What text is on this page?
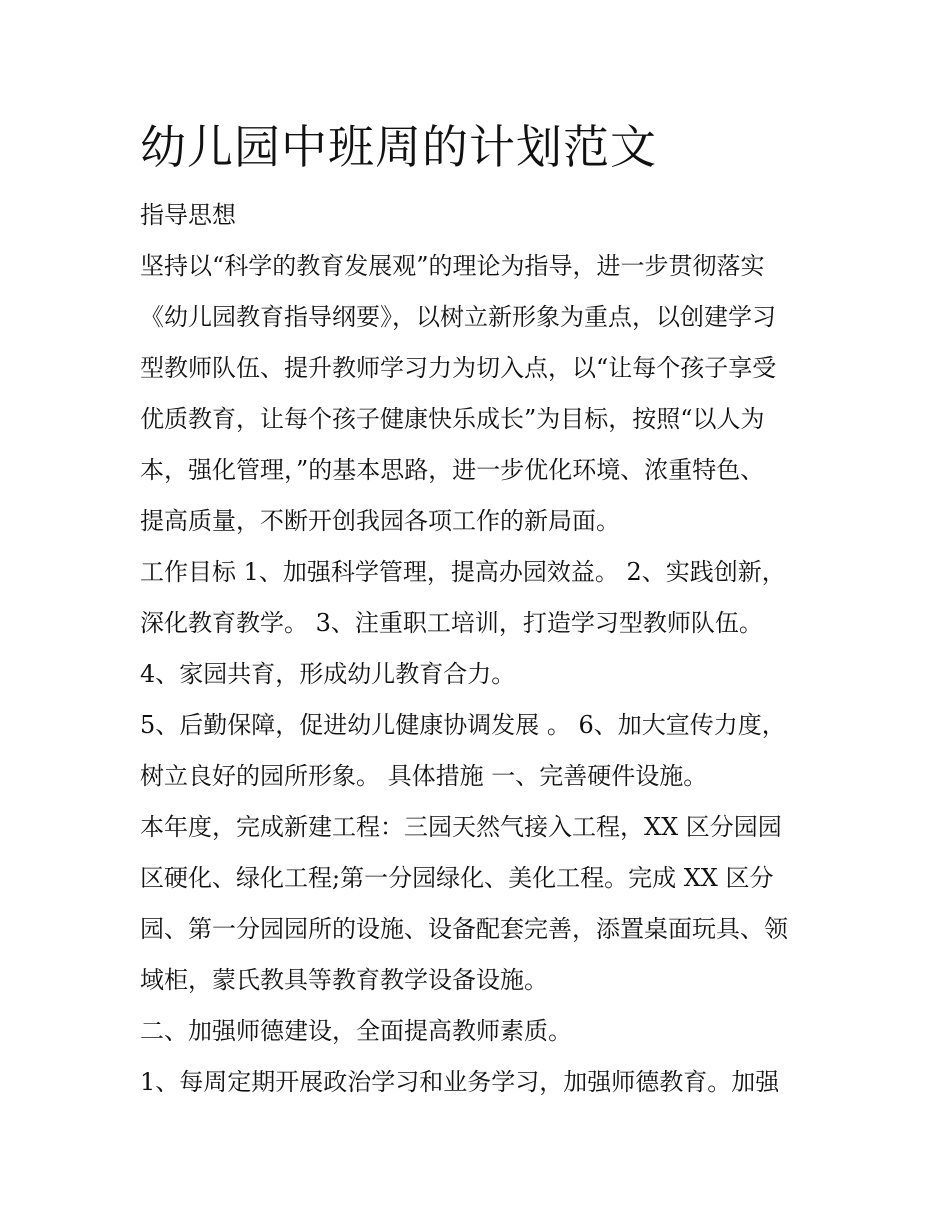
幼儿园中班周的计划范文

指导思想

坚持以“科学的教育发展观”的理论为指导，进一步贯彻落实

《幼儿园教育指导纲要》，以树立新形象为重点，以创建学习

型教师队伍、提升教师学习力为切入点，以“让每个孩子享受

优质教育，让每个孩子健康快乐成长”为目标，按照“以人为

本，强化管理，”的基本思路，进一步优化环境、浓重特色、

提高质量，不断开创我园各项工作的新局面。

工作目标 1、加强科学管理，提高办园效益。 2、实践创新，

深化教育教学。 3、注重职工培训，打造学习型教师队伍。

4、家园共育，形成幼儿教育合力。

5、后勤保障，促进幼儿健康协调发展 。 6、加大宣传力度，

树立良好的园所形象。 具体措施 一、完善硬件设施。

本年度，完成新建工程：三园天然气接入工程，XX 区分园园

区硬化、绿化工程;第一分园绿化、美化工程。完成 XX 区分

园、第一分园园所的设施、设备配套完善，添置桌面玩具、领

域柜，蒙氏教具等教育教学设备设施。

二、加强师德建设，全面提高教师素质。

1、每周定期开展政治学习和业务学习，加强师德教育。加强
